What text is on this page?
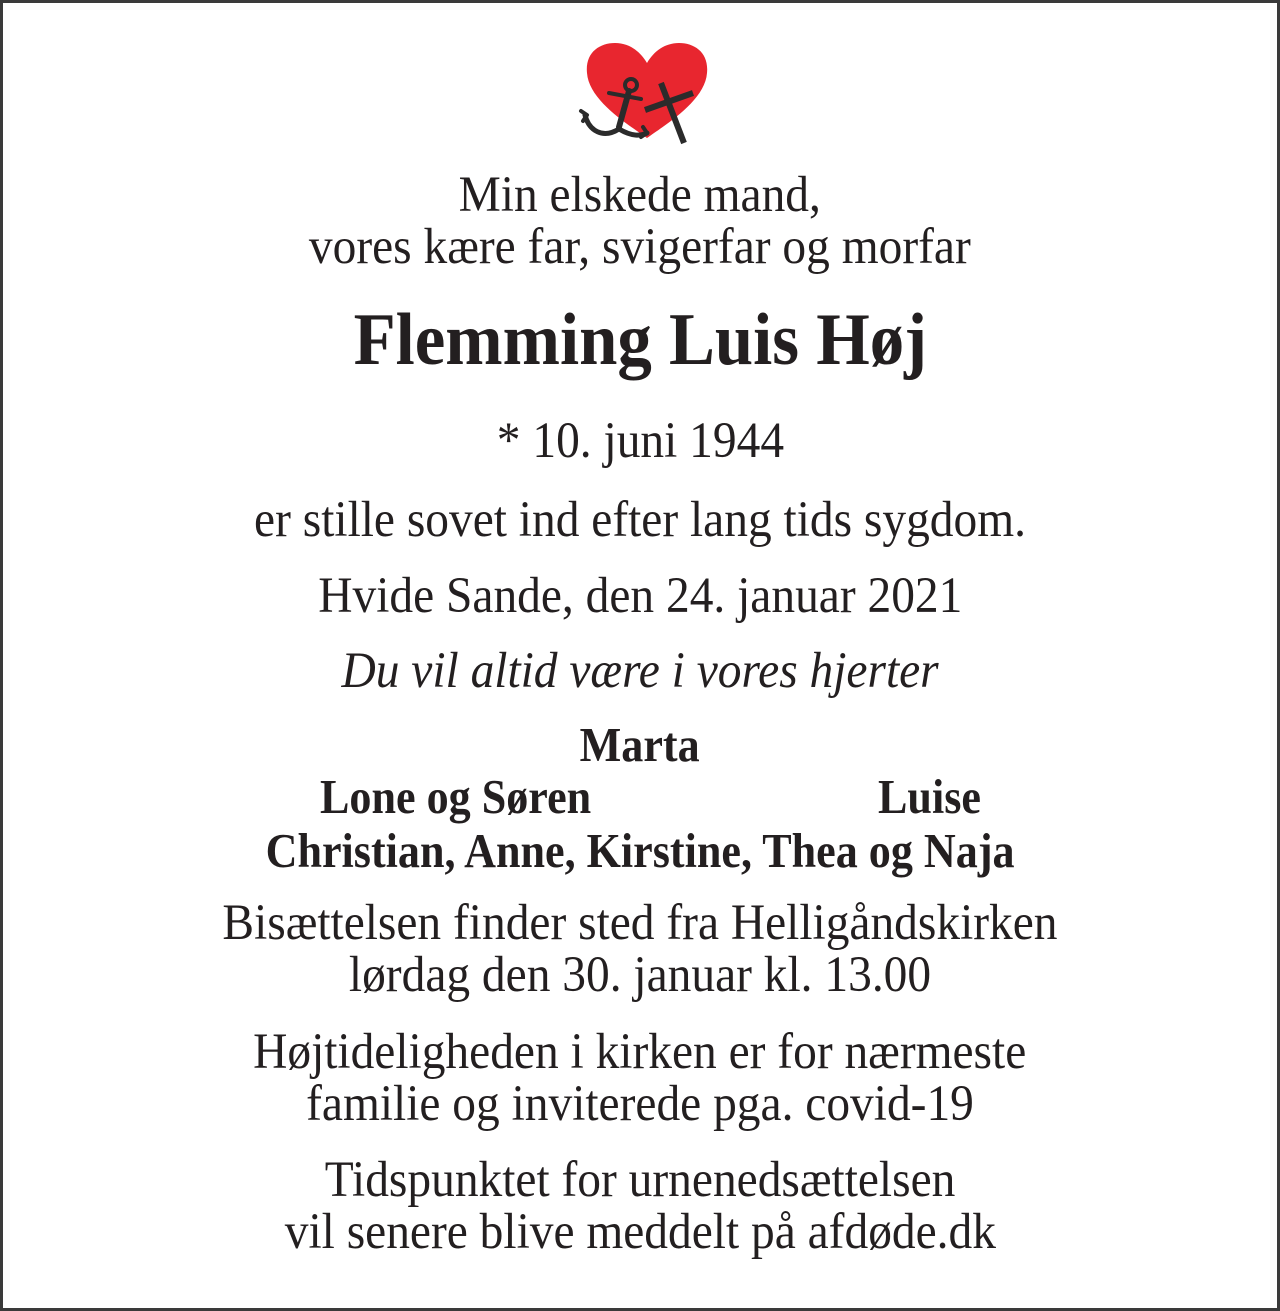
Min elskede mand,
vores kære far, svigerfar og morfar
Flemming Luis Høj
* 10. juni 1944
er stille sovet ind efter lang tids sygdom.
Hvide Sande, den 24. januar 2021
Du vil altid være i vores hjerter
Marta
Lone og Søren	Luise
Christian, Anne, Kirstine, Thea og Naja
Bisættelsen finder sted fra Helligåndskirken
lørdag den 30. januar kl. 13.00
Højtideligheden i kirken er for nærmeste
familie og inviterede pga. covid-19
Tidspunktet for urnenedsættelsen
vil senere blive meddelt på afdøde.dk
